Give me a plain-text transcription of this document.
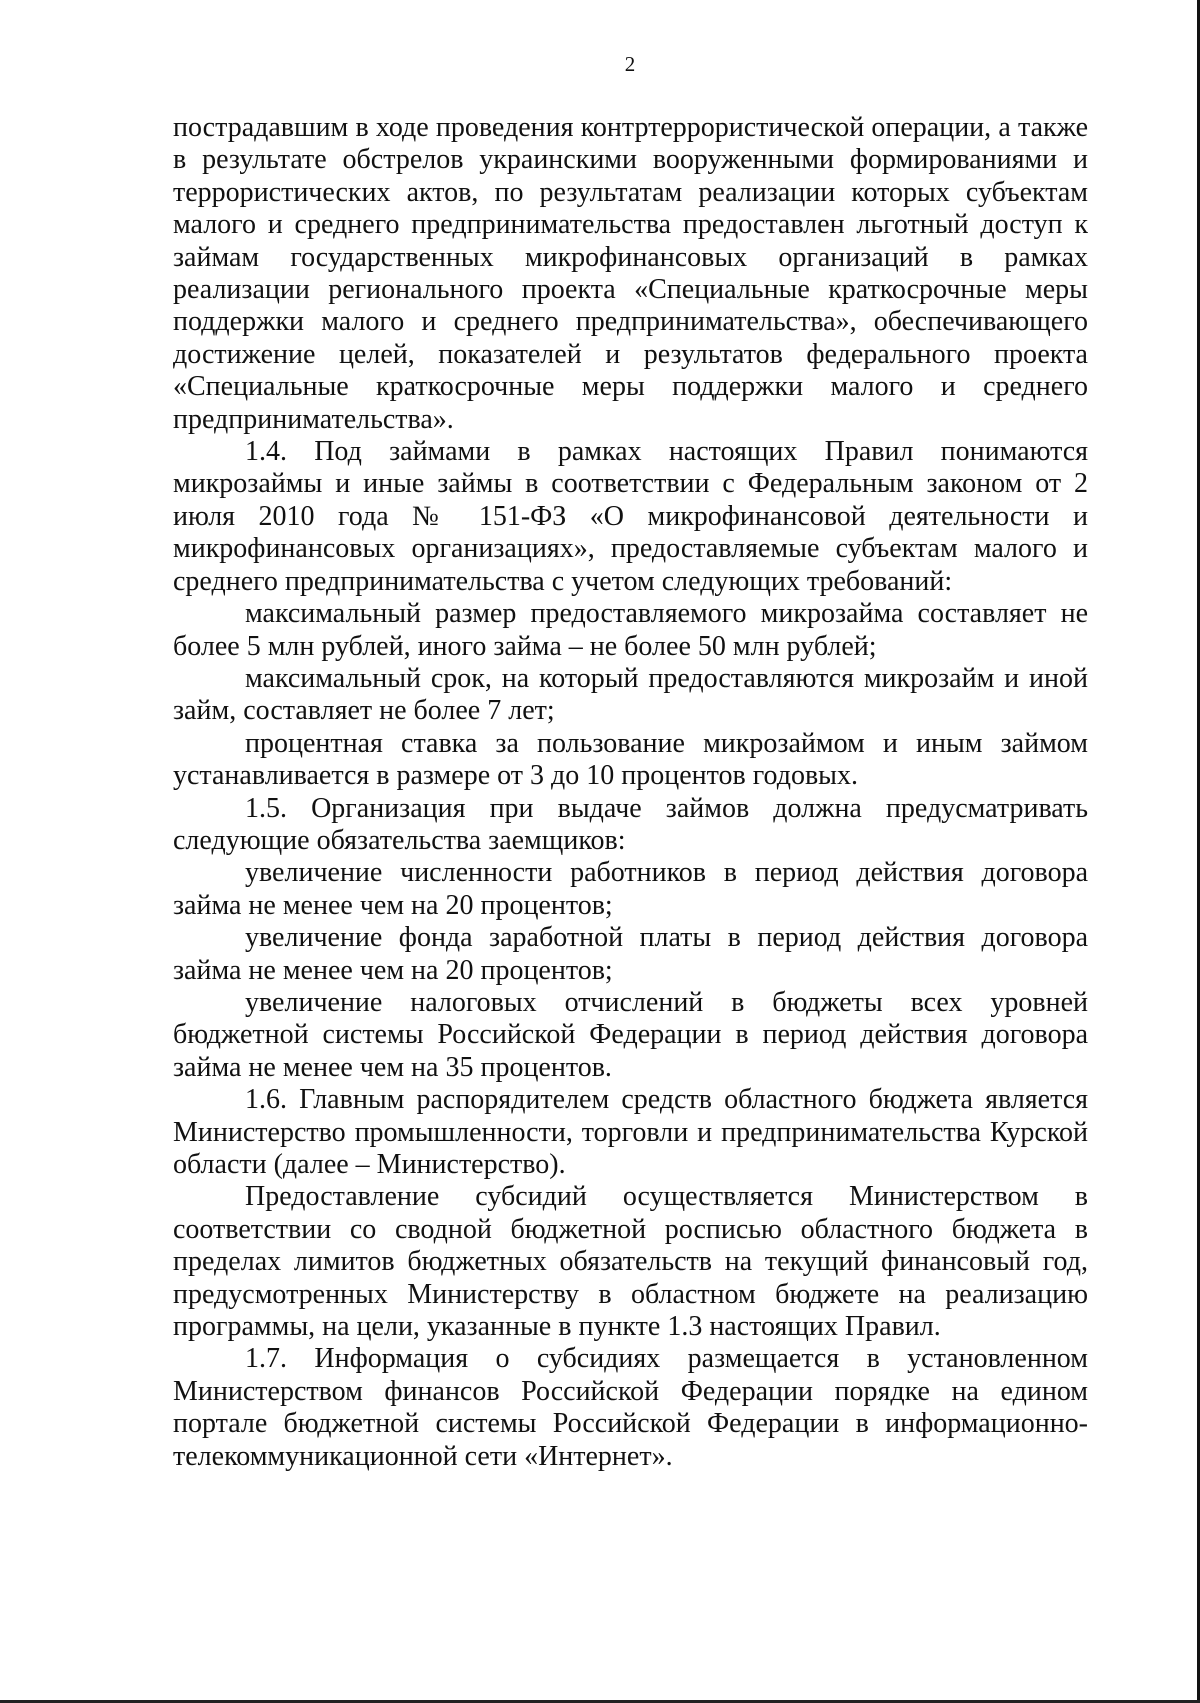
2

пострадавшим в ходе проведения контртеррористической операции, а также в результате обстрелов украинскими вооруженными формированиями и террористических актов, по результатам реализации которых субъектам малого и среднего предпринимательства предоставлен льготный доступ к займам государственных микрофинансовых организаций в рамках реализации регионального проекта «Специальные краткосрочные меры поддержки малого и среднего предпринимательства», обеспечивающего достижение целей, показателей и результатов федерального проекта «Специальные краткосрочные меры поддержки малого и среднего предпринимательства».

1.4. Под займами в рамках настоящих Правил понимаются микрозаймы и иные займы в соответствии с Федеральным законом от 2 июля 2010 года № 151-ФЗ «О микрофинансовой деятельности и микрофинансовых организациях», предоставляемые субъектам малого и среднего предпринимательства с учетом следующих требований:

максимальный размер предоставляемого микрозайма составляет не более 5 млн рублей, иного займа – не более 50 млн рублей;

максимальный срок, на который предоставляются микрозайм и иной займ, составляет не более 7 лет;

процентная ставка за пользование микрозаймом и иным займом устанавливается в размере от 3 до 10 процентов годовых.

1.5. Организация при выдаче займов должна предусматривать следующие обязательства заемщиков:

увеличение численности работников в период действия договора займа не менее чем на 20 процентов;

увеличение фонда заработной платы в период действия договора займа не менее чем на 20 процентов;

увеличение налоговых отчислений в бюджеты всех уровней бюджетной системы Российской Федерации в период действия договора займа не менее чем на 35 процентов.

1.6. Главным распорядителем средств областного бюджета является Министерство промышленности, торговли и предпринимательства Курской области (далее – Министерство).

Предоставление субсидий осуществляется Министерством в соответствии со сводной бюджетной росписью областного бюджета в пределах лимитов бюджетных обязательств на текущий финансовый год, предусмотренных Министерству в областном бюджете на реализацию программы, на цели, указанные в пункте 1.3 настоящих Правил.

1.7. Информация о субсидиях размещается в установленном Министерством финансов Российской Федерации порядке на едином портале бюджетной системы Российской Федерации в информационно-телекоммуникационной сети «Интернет».
